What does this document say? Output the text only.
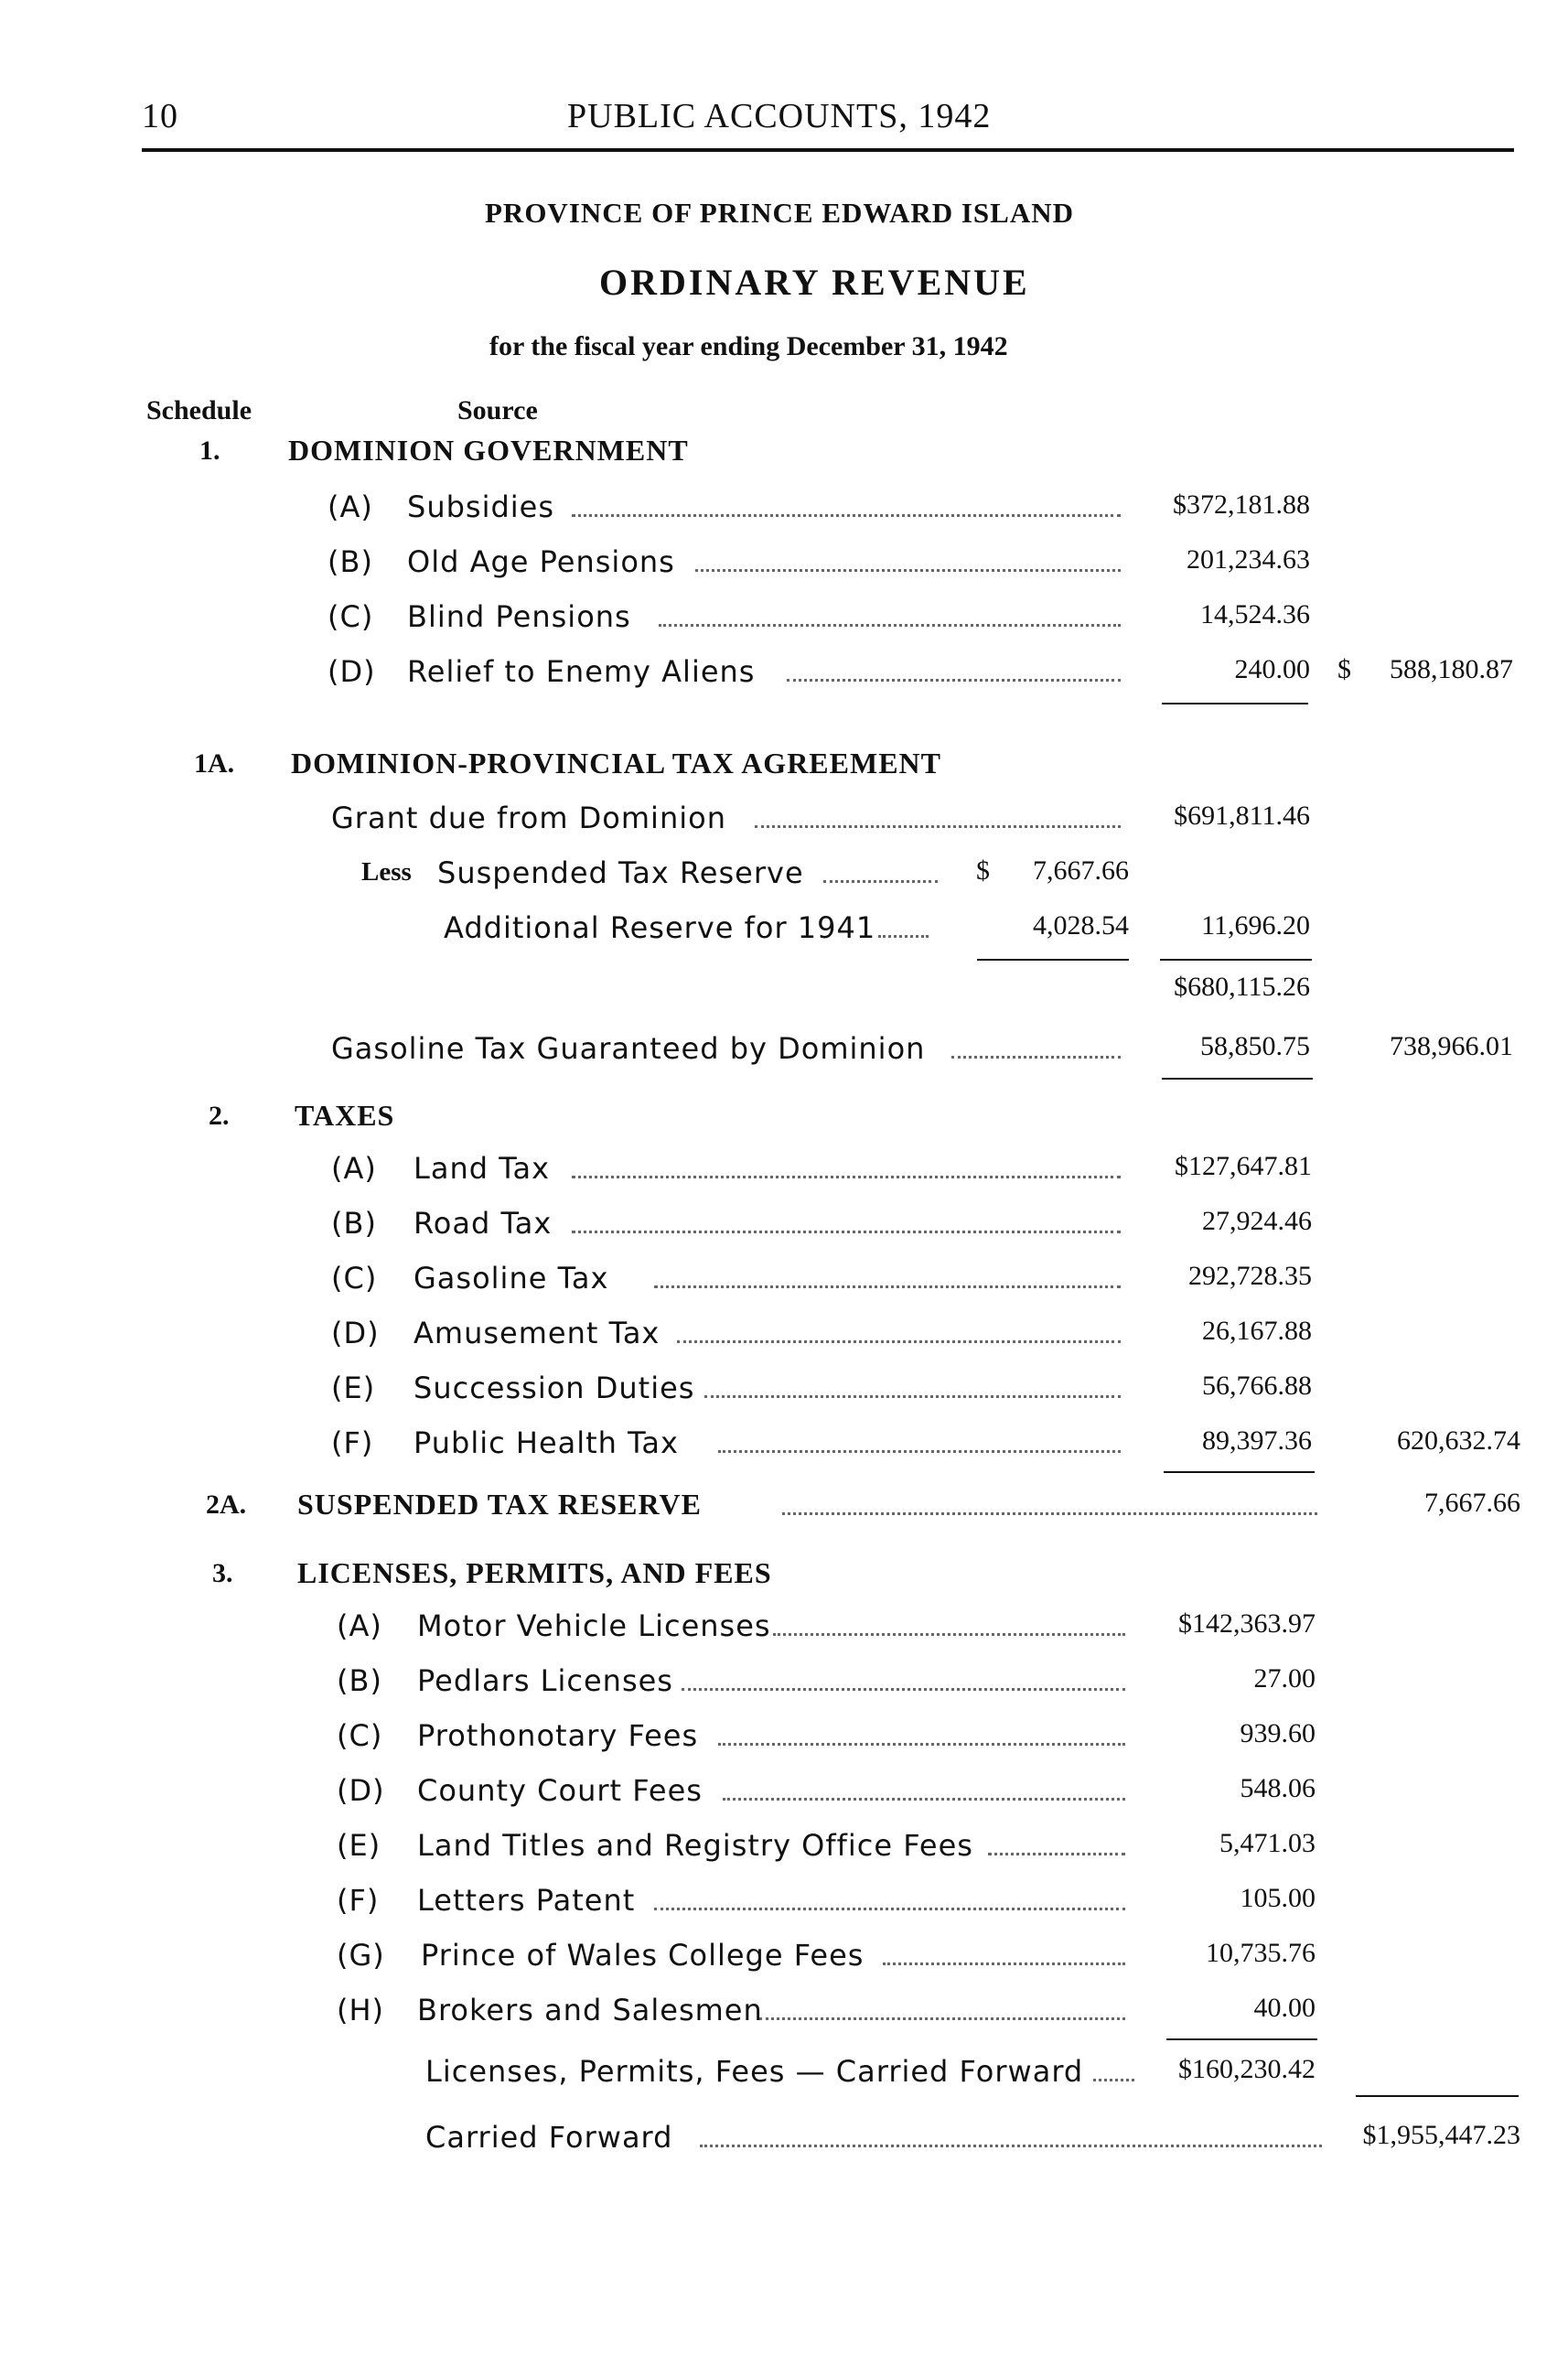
10	PUBLIC ACCOUNTS, 1942
PROVINCE OF PRINCE EDWARD ISLAND
ORDINARY REVENUE
for the fiscal year ending December 31, 1942
Schedule	Source
1. DOMINION GOVERNMENT
(A) Subsidies	$372,181.88
(B) Old Age Pensions	201,234.63
(C) Blind Pensions	14,524.36
(D) Relief to Enemy Aliens	240.00 $ 588,180.87
1A. DOMINION-PROVINCIAL TAX AGREEMENT
Grant due from Dominion	$691,811.46
Less Suspended Tax Reserve	$ 7,667.66
Additional Reserve for 1941	4,028.54	11,696.20
$680,115.26
Gasoline Tax Guaranteed by Dominion	58,850.75	738,966.01
2. TAXES
(A) Land Tax	$127,647.81
(B) Road Tax	27,924.46
(C) Gasoline Tax	292,728.35
(D) Amusement Tax	26,167.88
(E) Succession Duties	56,766.88
(F) Public Health Tax	89,397.36	620,632.74
2A. SUSPENDED TAX RESERVE	7,667.66
3. LICENSES, PERMITS, AND FEES
(A) Motor Vehicle Licenses	$142,363.97
(B) Pedlars Licenses	27.00
(C) Prothonotary Fees	939.60
(D) County Court Fees	548.06
(E) Land Titles and Registry Office Fees	5,471.03
(F) Letters Patent	105.00
(G) Prince of Wales College Fees	10,735.76
(H) Brokers and Salesmen	40.00
Licenses, Permits, Fees — Carried Forward	$160,230.42
Carried Forward	$1,955,447.23
